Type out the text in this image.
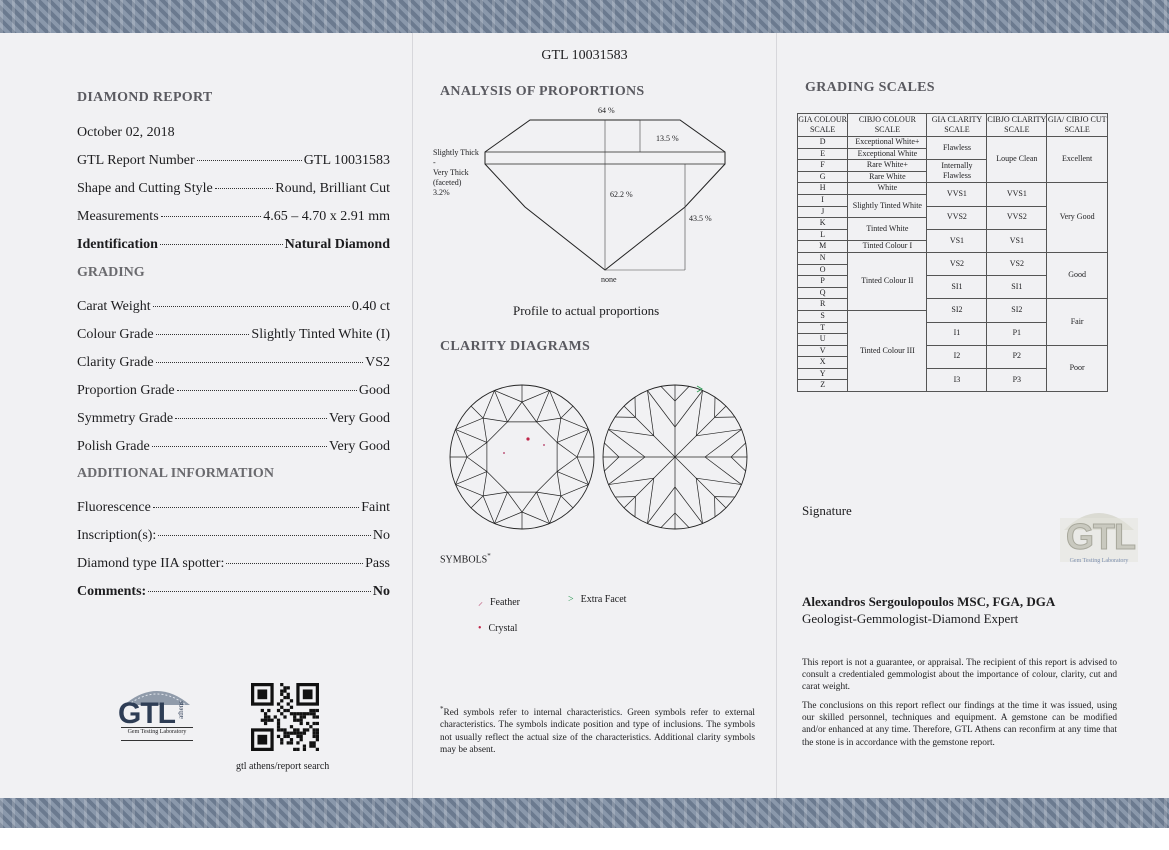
GTL 10031583
DIAMOND REPORT
October 02, 2018
GTL Report Number	GTL 10031583
Shape and Cutting Style	Round, Brilliant Cut
Measurements	4.65 – 4.70 x 2.91 mm
Identification	Natural Diamond
GRADING
Carat Weight	0.40 ct
Colour Grade	Slightly Tinted White (I)
Clarity Grade	VS2
Proportion Grade	Good
Symmetry Grade	Very Good
Polish Grade	Very Good
ADDITIONAL INFORMATION
Fluorescence	Faint
Inscription(s):	No
Diamond type IIA spotter:	Pass
Comments:	No
GTL athens
Gem Testing Laboratory
gtl athens/report search
ANALYSIS OF PROPORTIONS
64 %
13.5 %
62.2 %
43.5 %
Slightly Thick
-
Very Thick
(faceted)
3.2%
none
Profile to actual proportions
CLARITY DIAGRAMS
SYMBOLS*
⸝ Feather	> Extra Facet
• Crystal
*Red symbols refer to internal characteristics. Green symbols refer to external characteristics. The symbols indicate position and type of inclusions. The symbols not usually reflect the actual size of the characteristics. Additional clarity symbols may be absent.
GRADING SCALES
GIA COLOUR SCALE	CIBJO COLOUR SCALE	GIA CLARITY SCALE	CIBJO CLARITY SCALE	GIA/ CIBJO CUT SCALE
D	Exceptional White+	Flawless	Loupe Clean	Excellent
E	Exceptional White			
F	Rare White+	Internally Flawless		
G	Rare White			
H	White	VVS1	VVS1	Very Good
I	Slightly Tinted White			
J		VVS2	VVS2	
K	Tinted White			
L		VS1	VS1	
M	Tinted Colour I			
N	Tinted Colour II	VS2	VS2	Good
O				
P		SI1	SI1	
Q				
R		SI2	SI2	Fair
S	Tinted Colour III			
T		I1	P1	
U				
V		I2	P2	Poor
X				
Y		I3	P3	
Z				
Signature
GTL
Gem Testing Laboratory
Alexandros Sergoulopoulos MSC, FGA, DGA
Geologist-Gemmologist-Diamond Expert
This report is not a guarantee, or appraisal. The recipient of this report is advised to consult a credentialed gemmologist about the importance of colour, clarity, cut and carat weight.
The conclusions on this report reflect our findings at the time it was issued, using our skilled personnel, techniques and equipment. A gemstone can be modified and/or enhanced at any time. Therefore, GTL Athens can reconfirm at any time that the stone is in accordance with the gemstone report.
